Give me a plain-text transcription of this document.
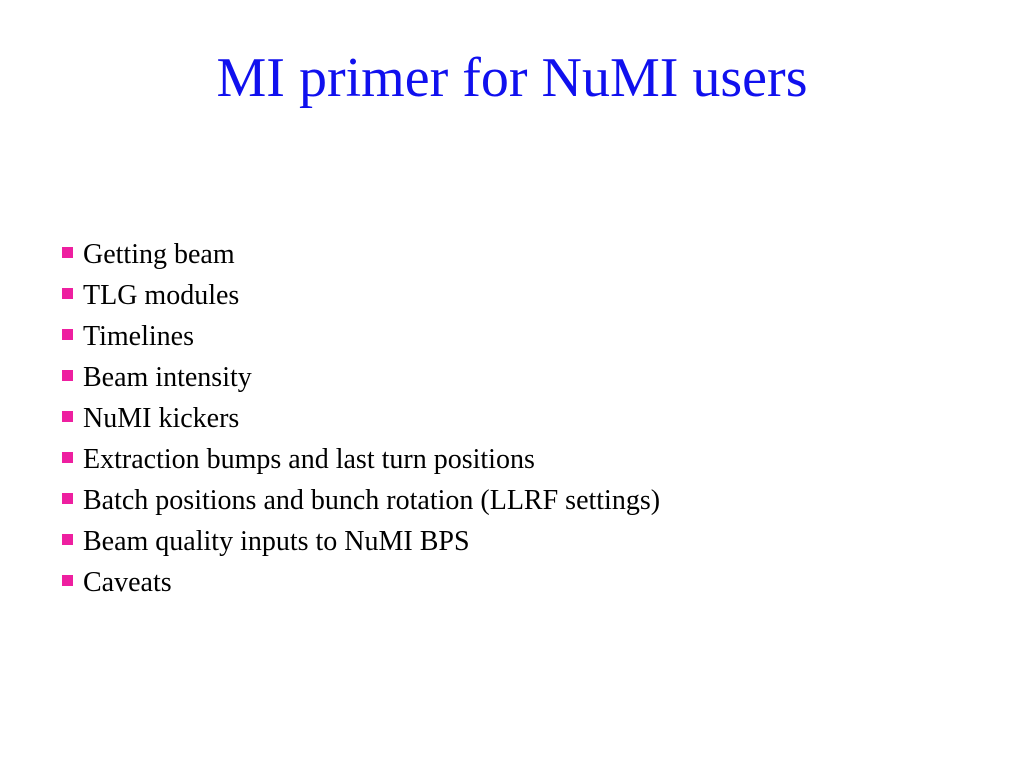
MI primer for NuMI users
Getting beam
TLG modules
Timelines
Beam intensity
NuMI kickers
Extraction bumps and last turn positions
Batch positions and bunch rotation (LLRF settings)
Beam quality inputs to NuMI BPS
Caveats
